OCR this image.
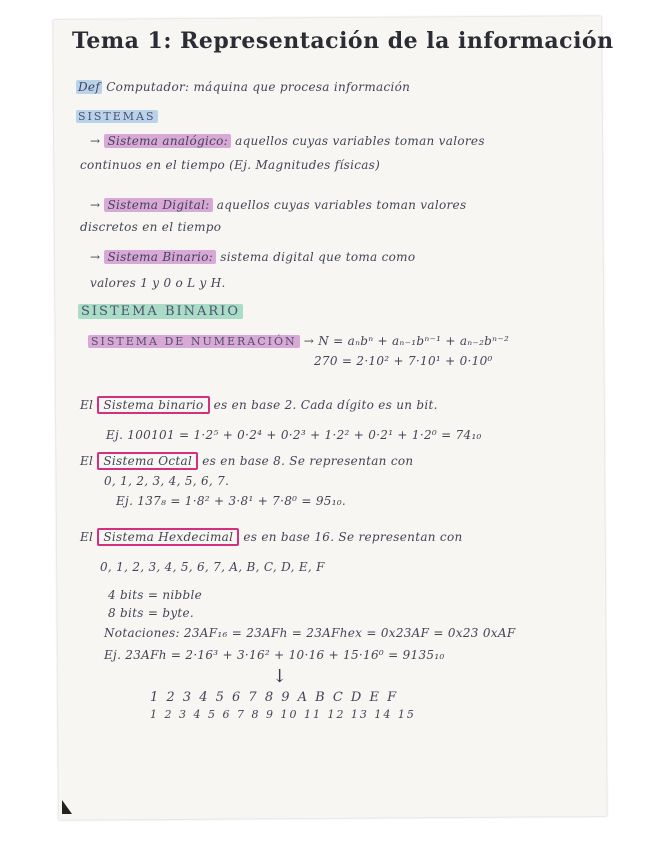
Tema 1: Representación de la información
Def Computador: máquina que procesa información
SISTEMAS
→ Sistema analógico: aquellos cuyas variables toman valores
continuos en el tiempo (Ej. Magnitudes físicas)
→ Sistema Digital: aquellos cuyas variables toman valores
discretos en el tiempo
→ Sistema Binario: sistema digital que toma como
valores 1 y 0 o L y H.
SISTEMA BINARIO
SISTEMA DE NUMERACIÓN → N = aₙbⁿ + aₙ₋₁bⁿ⁻¹ + aₙ₋₂bⁿ⁻²
270 = 2·10² + 7·10¹ + 0·10⁰
El Sistema binario es en base 2. Cada dígito es un bit.
Ej. 100101 = 1·2⁵ + 0·2⁴ + 0·2³ + 1·2² + 0·2¹ + 1·2⁰ = 74₁₀
El Sistema Octal es en base 8. Se representan con
0, 1, 2, 3, 4, 5, 6, 7.
Ej. 137₈ = 1·8² + 3·8¹ + 7·8⁰ = 95₁₀.
El Sistema Hexdecimal es en base 16. Se representan con
0, 1, 2, 3, 4, 5, 6, 7, A, B, C, D, E, F
4 bits = nibble
8 bits = byte.
Notaciones: 23AF₁₆ = 23AFh = 23AFhex = 0x23AF = 0x23 0xAF
Ej. 23AFh = 2·16³ + 3·16² + 10·16 + 15·16⁰ = 9135₁₀
↓
1 2 3 4 5 6 7 8 9 A B C D E F
1 2 3 4 5 6 7 8 9 10 11 12 13 14 15
